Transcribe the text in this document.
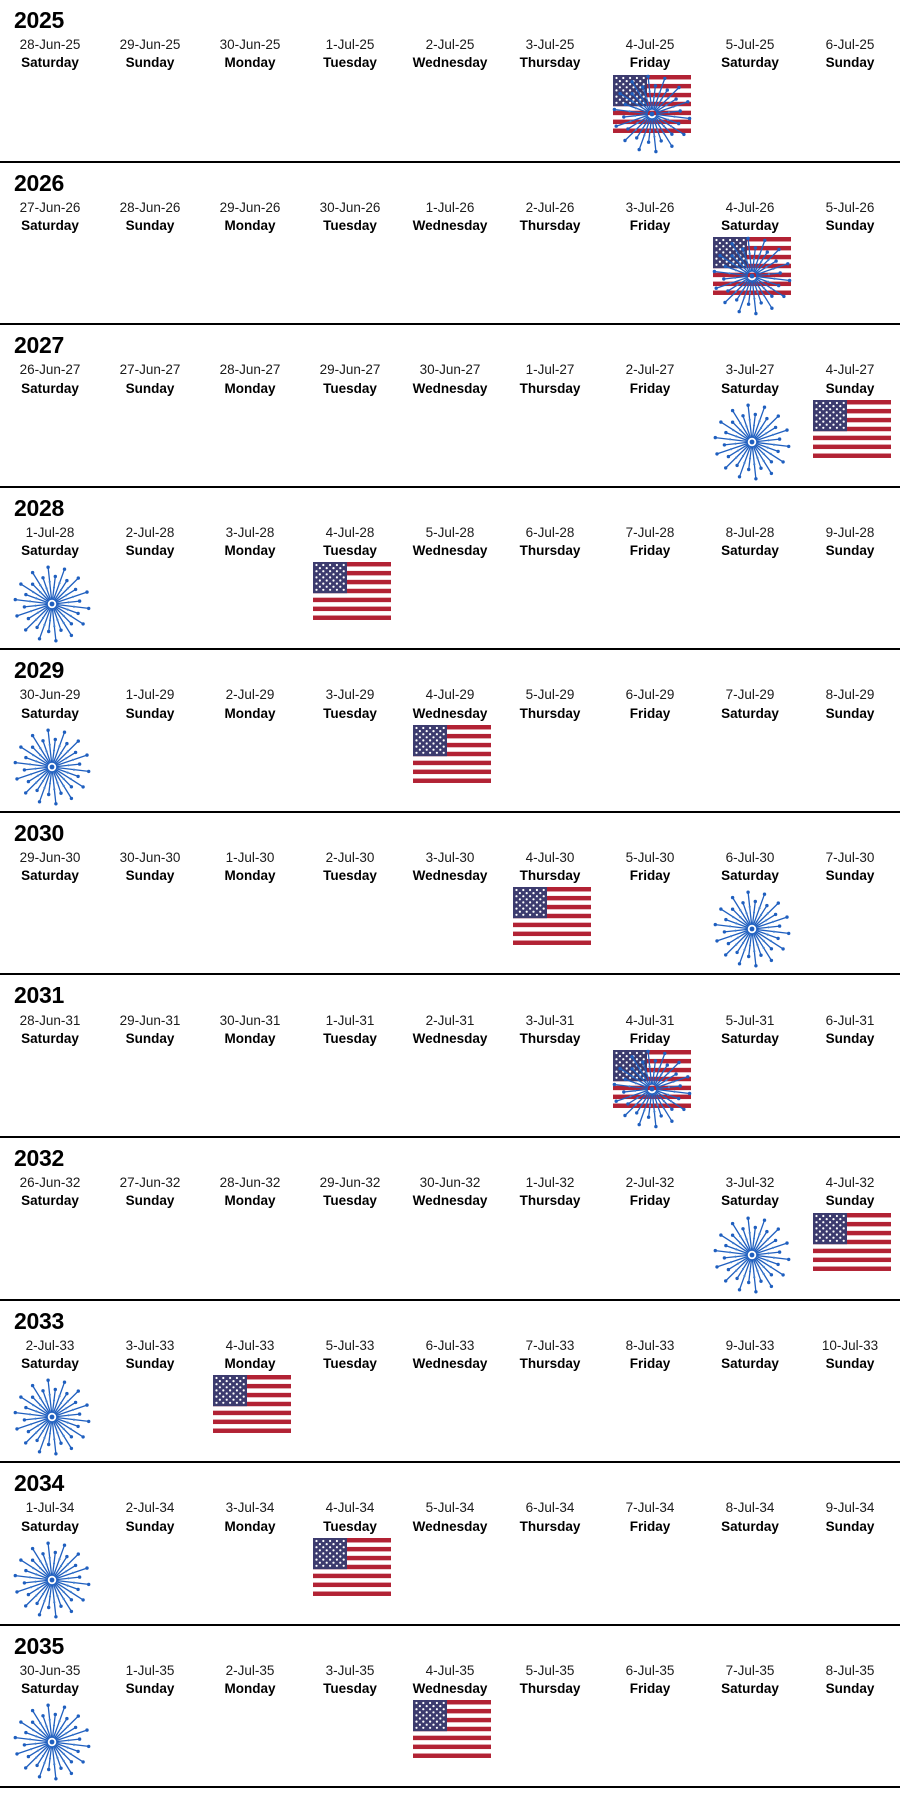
2025
28-Jun-25
Saturday
29-Jun-25
Sunday
30-Jun-25
Monday
1-Jul-25
Tuesday
2-Jul-25
Wednesday
3-Jul-25
Thursday
4-Jul-25
Friday
5-Jul-25
Saturday
6-Jul-25
Sunday
2026
27-Jun-26
Saturday
28-Jun-26
Sunday
29-Jun-26
Monday
30-Jun-26
Tuesday
1-Jul-26
Wednesday
2-Jul-26
Thursday
3-Jul-26
Friday
4-Jul-26
Saturday
5-Jul-26
Sunday
2027
26-Jun-27
Saturday
27-Jun-27
Sunday
28-Jun-27
Monday
29-Jun-27
Tuesday
30-Jun-27
Wednesday
1-Jul-27
Thursday
2-Jul-27
Friday
3-Jul-27
Saturday
4-Jul-27
Sunday
2028
1-Jul-28
Saturday
2-Jul-28
Sunday
3-Jul-28
Monday
4-Jul-28
Tuesday
5-Jul-28
Wednesday
6-Jul-28
Thursday
7-Jul-28
Friday
8-Jul-28
Saturday
9-Jul-28
Sunday
2029
30-Jun-29
Saturday
1-Jul-29
Sunday
2-Jul-29
Monday
3-Jul-29
Tuesday
4-Jul-29
Wednesday
5-Jul-29
Thursday
6-Jul-29
Friday
7-Jul-29
Saturday
8-Jul-29
Sunday
2030
29-Jun-30
Saturday
30-Jun-30
Sunday
1-Jul-30
Monday
2-Jul-30
Tuesday
3-Jul-30
Wednesday
4-Jul-30
Thursday
5-Jul-30
Friday
6-Jul-30
Saturday
7-Jul-30
Sunday
2031
28-Jun-31
Saturday
29-Jun-31
Sunday
30-Jun-31
Monday
1-Jul-31
Tuesday
2-Jul-31
Wednesday
3-Jul-31
Thursday
4-Jul-31
Friday
5-Jul-31
Saturday
6-Jul-31
Sunday
2032
26-Jun-32
Saturday
27-Jun-32
Sunday
28-Jun-32
Monday
29-Jun-32
Tuesday
30-Jun-32
Wednesday
1-Jul-32
Thursday
2-Jul-32
Friday
3-Jul-32
Saturday
4-Jul-32
Sunday
2033
2-Jul-33
Saturday
3-Jul-33
Sunday
4-Jul-33
Monday
5-Jul-33
Tuesday
6-Jul-33
Wednesday
7-Jul-33
Thursday
8-Jul-33
Friday
9-Jul-33
Saturday
10-Jul-33
Sunday
2034
1-Jul-34
Saturday
2-Jul-34
Sunday
3-Jul-34
Monday
4-Jul-34
Tuesday
5-Jul-34
Wednesday
6-Jul-34
Thursday
7-Jul-34
Friday
8-Jul-34
Saturday
9-Jul-34
Sunday
2035
30-Jun-35
Saturday
1-Jul-35
Sunday
2-Jul-35
Monday
3-Jul-35
Tuesday
4-Jul-35
Wednesday
5-Jul-35
Thursday
6-Jul-35
Friday
7-Jul-35
Saturday
8-Jul-35
Sunday
